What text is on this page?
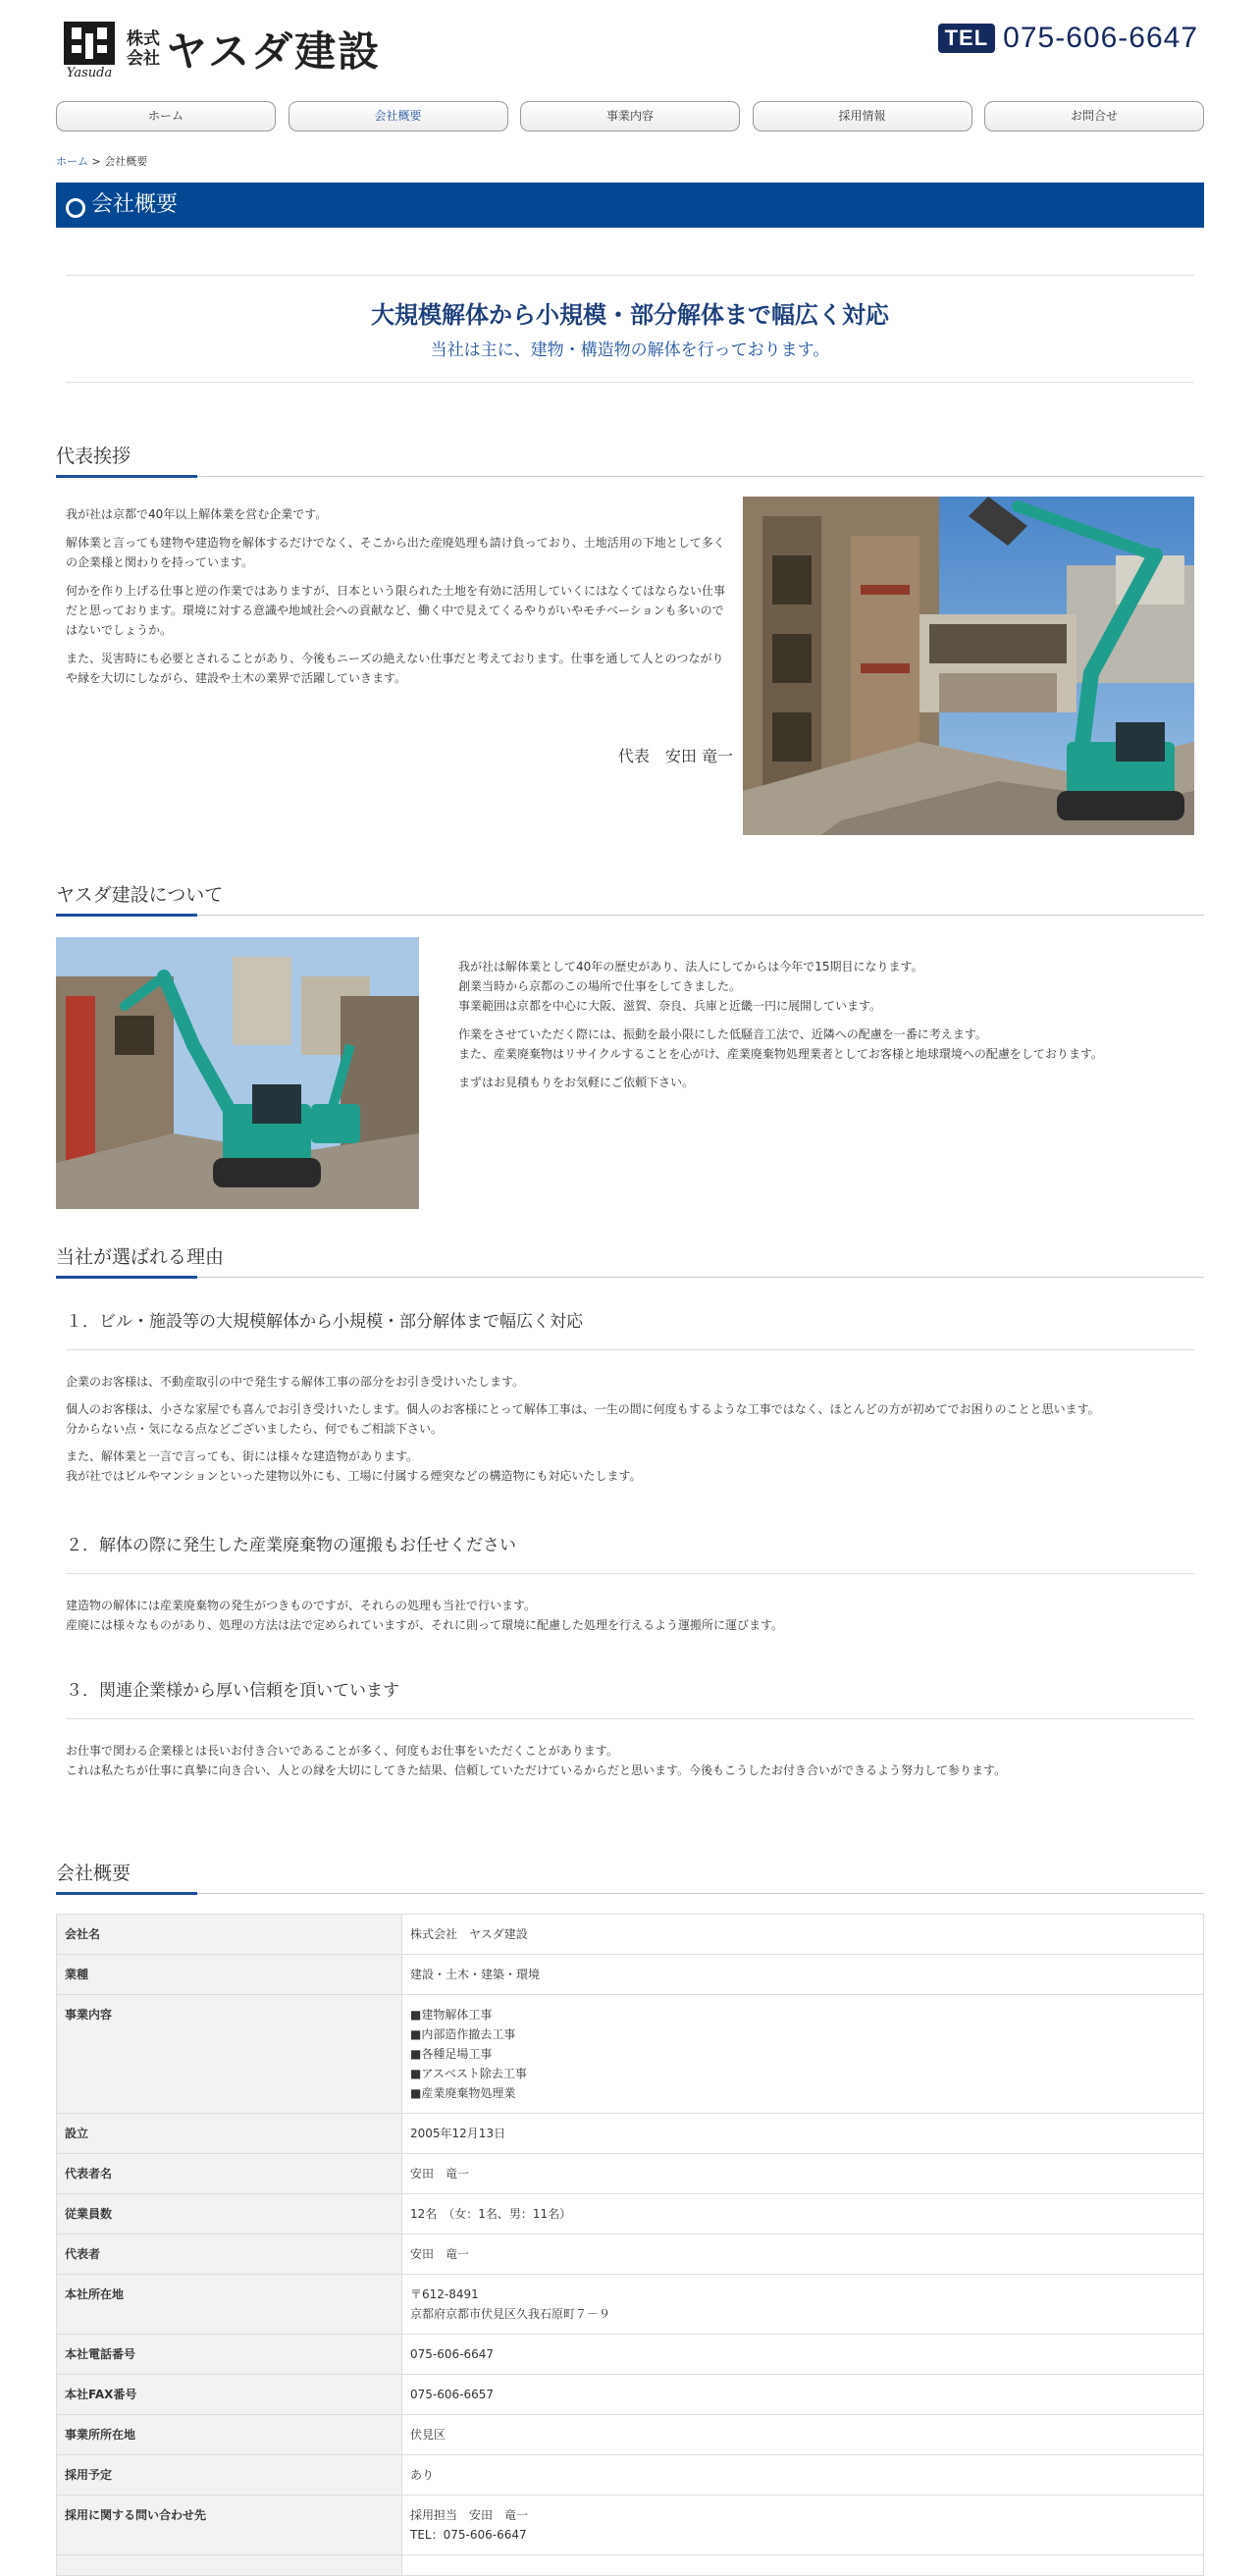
Yasuda
株式会社 ヤスダ建設	TEL 075-606-6647
ホーム	会社概要	事業内容	採用情報	お問合せ
ホーム > 会社概要
会社概要
大規模解体から小規模・部分解体まで幅広く対応
当社は主に、建物・構造物の解体を行っております。
代表挨拶

我が社は京都で40年以上解体業を営む企業です。

解体業と言っても建物や建造物を解体するだけでなく、そこから出た産廃処理も請け負っており、土地活用の下地として多くの企業様と関わりを持っています。

何かを作り上げる仕事と逆の作業ではありますが、日本という限られた土地を有効に活用していくにはなくてはならない仕事だと思っております。環境に対する意識や地域社会への貢献など、働く中で見えてくるやりがいやモチベーションも多いのではないでしょうか。

また、災害時にも必要とされることがあり、今後もニーズの絶えない仕事だと考えております。仕事を通して人とのつながりや縁を大切にしながら、建設や土木の業界で活躍していきます。

代表　安田 竜一
ヤスダ建設について
我が社は解体業として40年の歴史があり、法人にしてからは今年で15期目になります。
創業当時から京都のこの場所で仕事をしてきました。

事業範囲は京都を中心に大阪、滋賀、奈良、兵庫と近畿一円に展開しています。

作業をさせていただく際には、振動を最小限にした低騒音工法で、近隣への配慮を一番に考えます。

また、産業廃棄物はリサイクルすることを心がけ、産業廃棄物処理業者としてお客様と地球環境への配慮をしております。

まずはお見積もりをお気軽にご依頼下さい。

当社が選ばれる理由
１．ビル・施設等の大規模解体から小規模・部分解体まで幅広く対応

企業のお客様は、不動産取引の中で発生する解体工事の部分をお引き受けいたします。

個人のお客様は、小さな家屋でも喜んでお引き受けいたします。個人のお客様にとって解体工事は、一生の間に何度もするような工事ではなく、ほとんどの方が初めてでお困りのことと思います。
分からない点・気になる点などございましたら、何でもご相談下さい。

また、解体業と一言で言っても、街には様々な建造物があります。
我が社ではビルやマンションといった建物以外にも、工場に付属する煙突などの構造物にも対応いたします。

２．解体の際に発生した産業廃棄物の運搬もお任せください

建造物の解体には産業廃棄物の発生がつきものですが、それらの処理も当社で行います。
産廃には様々なものがあり、処理の方法は法で定められていますが、それに則って環境に配慮した処理を行えるよう運搬所に運びます。

３．関連企業様から厚い信頼を頂いています

お仕事で関わる企業様とは長いお付き合いであることが多く、何度もお仕事をいただくことがあります。
これは私たちが仕事に真摯に向き合い、人との縁を大切にしてきた結果、信頼していただけているからだと思います。今後もこうしたお付き合いができるよう努力して参ります。

会社概要
会社名	株式会社　ヤスダ建設
業種	建設・土木・建築・環境
事業内容	■建物解体工事
■内部造作撤去工事
■各種足場工事
■アスベスト除去工事
■産業廃棄物処理業

設立	2005年12月13日
代表者名	安田　竜一
従業員数	12名　（女：1名、男：11名）
代表者	安田　竜一
本社所在地	〒612-8491
京都府京都市伏見区久我石原町７－９

本社電話番号	075-606-6647
本社FAX番号	075-606-6657
事業所所在地	伏見区
採用予定	あり
採用に関する問い合わせ先	採用担当　安田　竜一
TEL：075-606-6647
